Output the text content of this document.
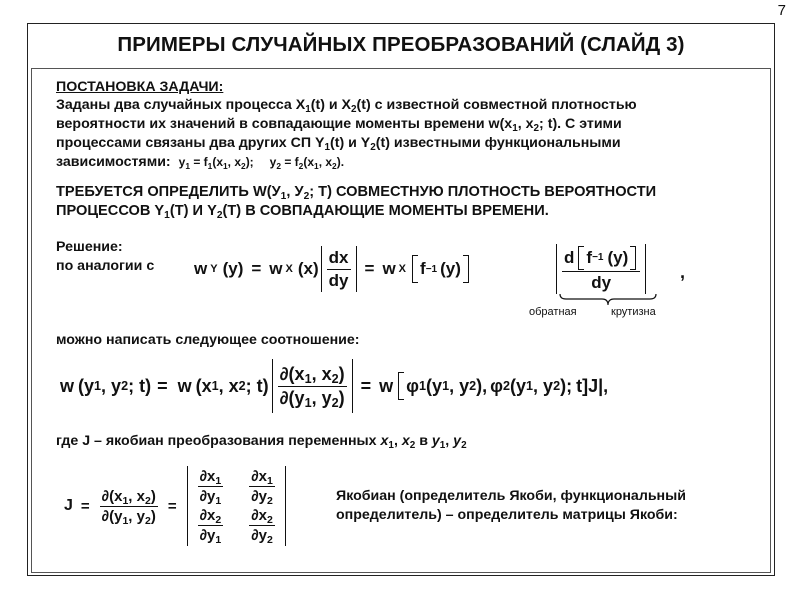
7
ПРИМЕРЫ СЛУЧАЙНЫХ ПРЕОБРАЗОВАНИЙ (СЛАЙД 3)
ПОСТАНОВКА ЗАДАЧИ:
Заданы два случайных процесса $X_1(t)$ и $X_2(t)$ с известной совместной плотностью
вероятности их значений в совпадающие моменты времени $w(x_1$, $x_2$; t). С этими
процессами связаны два других СП $Y_1(t)$ и $Y_2(t)$ известными функциональными
зависимостями: $y_1 = f_1(x_1$, $x_2$); $y_2 = f_2(x_1$, $x_2$).
ТРЕБУЕТСЯ ОПРЕДЕЛИТЬ $W(У_1$, $У_2$; Т) СОВМЕСТНУЮ ПЛОТНОСТЬ ВЕРОЯТНОСТИ
ПРОЦЕССОВ $Y_1(Т)$ И $Y_2(Т)$ В СОВПАДАЮЩИЕ МОМЕНТЫ ВРЕМЕНИ.
Решение:
по аналогии с w Y (y) = w X $(x) \frac{dx}{dy} = w$ X f −1 (y)	$\frac{\text{d f −1 (y)}}{dy}$ ,
обратная	крутизна
можно написать следующее соотношение:
w (y 1 , y 2 ; t) = w (x 1 , x 2 ; $t) \frac{\partial(x_1, x_2)}{\partial(y_1, y_2)} = w$ φ 1 (y 1 , y 2 ), φ 2 (y 1 , y 2 ); t]J |,
где J – якобиан преобразования переменных $x_1$, $x_2$ в $y_1$, $y_2$
$J = \frac{\partial(x_1, x_2)}{\partial(y_1, y_2)}$ =
$\frac{\partial x_1}{\partial y_1} \frac{\partial x_1}{\partial y_2}$
$\frac{\partial x_2}{\partial y_1} \frac{\partial x_2}{\partial y_2}$
Якобиан (определитель Якоби, функциональный
определитель) – определитель матрицы Якоби:
